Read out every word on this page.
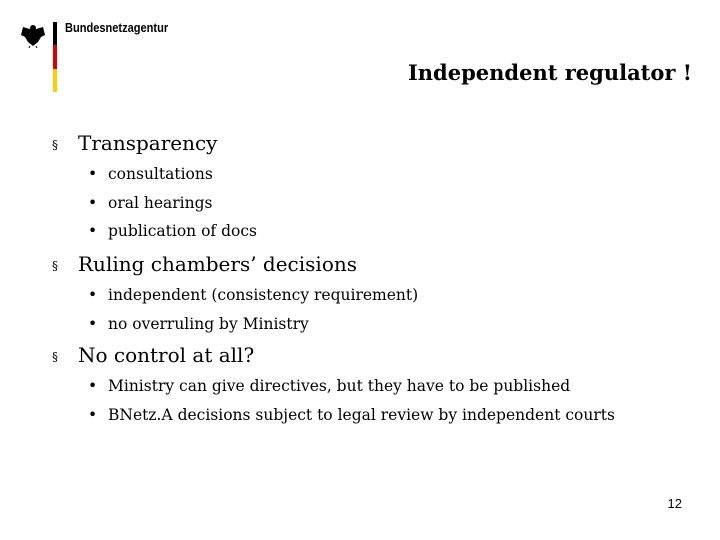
Bundesnetzagentur
Independent regulator !
§ Transparency
• consultations
• oral hearings
• publication of docs
§ Ruling chambers’ decisions
• independent (consistency requirement)
• no overruling by Ministry
§ No control at all?
• Ministry can give directives, but they have to be published
• BNetz.A decisions subject to legal review by independent courts
12
